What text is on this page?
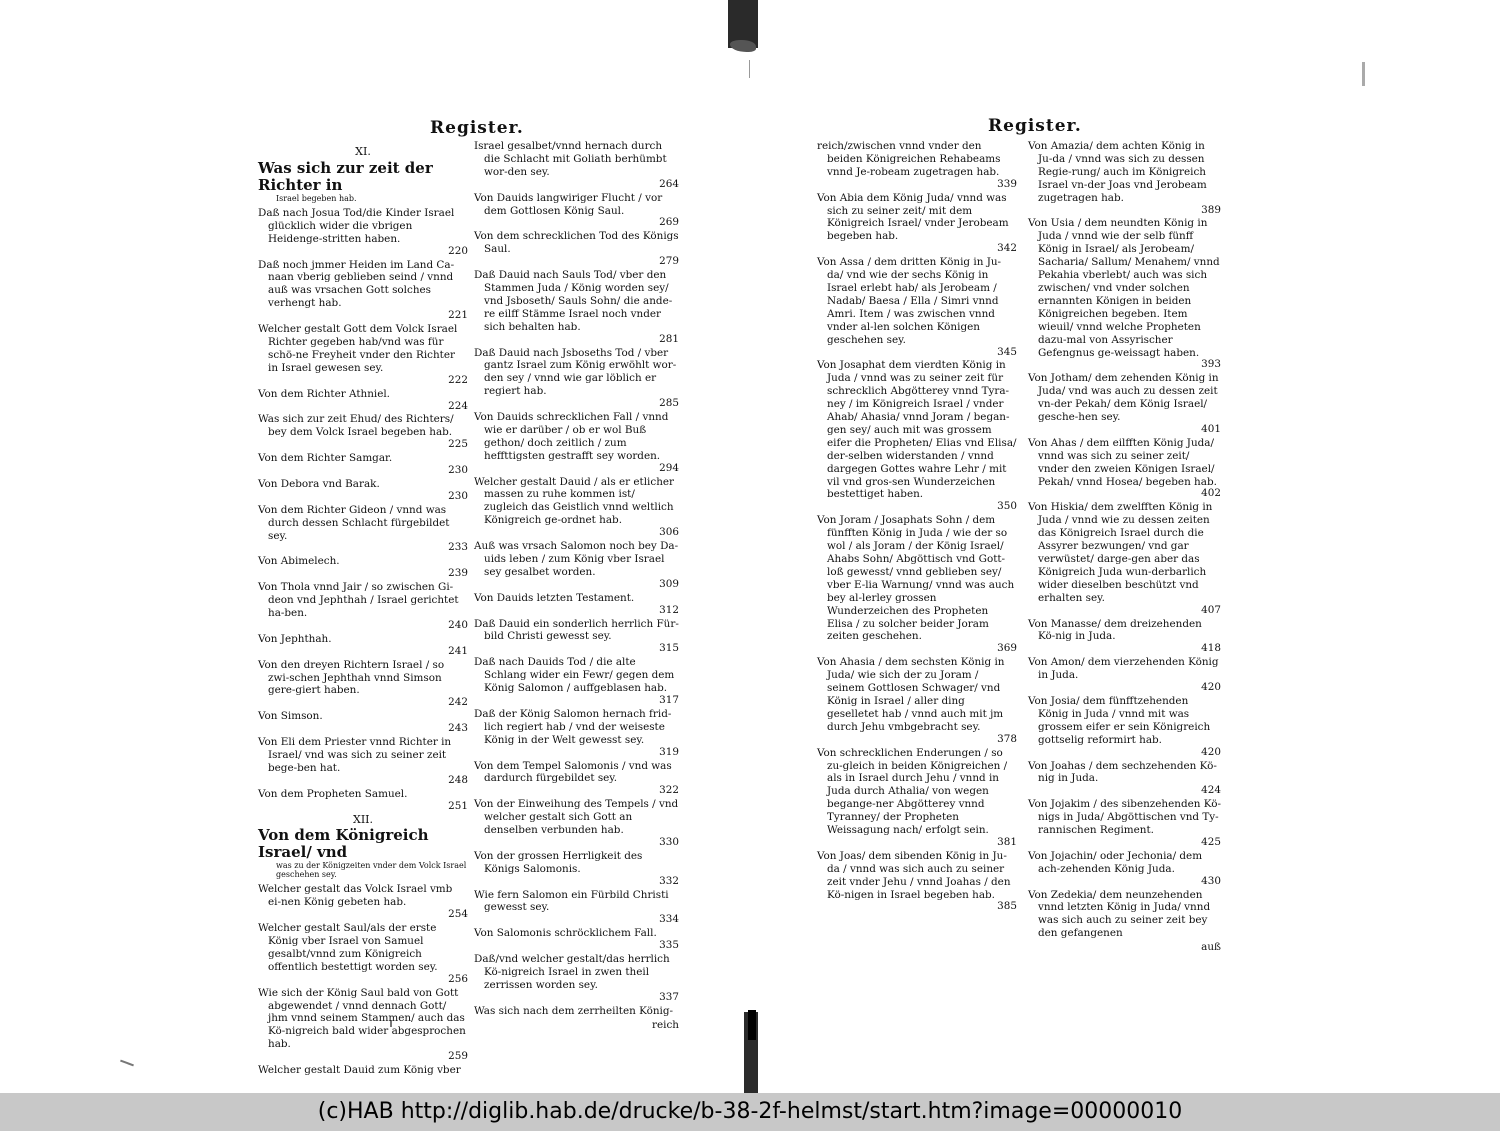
Register.
XI.
Was sich zur zeit der Richter in
Israel begeben hab.
Daß nach Josua Tod/die Kinder Israel glücklich wider die vbrigen Heidenge-stritten haben.
220
Daß noch jmmer Heiden im Land Ca-naan vberig geblieben seind / vnnd auß was vrsachen Gott solches verhengt hab.
221
Welcher gestalt Gott dem Volck Israel Richter gegeben hab/vnd was für schö-ne Freyheit vnder den Richter in Israel gewesen sey.
222
Von dem Richter Athniel.
224
Was sich zur zeit Ehud/ des Richters/ bey dem Volck Israel begeben hab.
225
Von dem Richter Samgar.
230
Von Debora vnd Barak.
230
Von dem Richter Gideon / vnnd was durch dessen Schlacht fürgebildet sey.
233
Von Abimelech.
239
Von Thola vnnd Jair / so zwischen Gi-deon vnd Jephthah / Israel gerichtet ha-ben.
240
Von Jephthah.
241
Von den dreyen Richtern Israel / so zwi-schen Jephthah vnnd Simson gere-giert haben.
242
Von Simson.
243
Von Eli dem Priester vnnd Richter in Israel/ vnd was sich zu seiner zeit bege-ben hat.
248
Von dem Propheten Samuel.
251
XII.
Von dem Königreich Israel/ vnd
was zu der Königzeiten vnder dem Volck Israel geschehen sey.
Welcher gestalt das Volck Israel vmb ei-nen König gebeten hab.
254
Welcher gestalt Saul/als der erste König vber Israel von Samuel gesalbt/vnnd zum Königreich offentlich bestettigt worden sey.
256
Wie sich der König Saul bald von Gott abgewendet / vnnd dennach Gott/ jhm vnnd seinem Stammen/ auch das Kö-nigreich bald wider abgesprochen hab.
259
Welcher gestalt Dauid zum König vber
Israel gesalbet/vnnd hernach durch die Schlacht mit Goliath berhümbt wor-den sey.
264
Von Dauids langwiriger Flucht / vor dem Gottlosen König Saul.
269
Von dem schrecklichen Tod des Königs Saul.
279
Daß Dauid nach Sauls Tod/ vber den Stammen Juda / König worden sey/ vnd Jsboseth/ Sauls Sohn/ die ande-re eilff Stämme Israel noch vnder sich behalten hab.
281
Daß Dauid nach Jsboseths Tod / vber gantz Israel zum König erwöhlt wor-den sey / vnnd wie gar löblich er regiert hab.
285
Von Dauids schrecklichen Fall / vnnd wie er darüber / ob er wol Buß gethon/ doch zeitlich / zum heffttigsten gestrafft sey worden.
294
Welcher gestalt Dauid / als er etlicher massen zu ruhe kommen ist/ zugleich das Geistlich vnnd weltlich Königreich ge-ordnet hab.
306
Auß was vrsach Salomon noch bey Da-uids leben / zum König vber Israel sey gesalbet worden.
309
Von Dauids letzten Testament.
312
Daß Dauid ein sonderlich herrlich Für-bild Christi gewesst sey.
315
Daß nach Dauids Tod / die alte Schlang wider ein Fewr/ gegen dem König Salomon / auffgeblasen hab.
317
Daß der König Salomon hernach frid-lich regiert hab / vnd der weiseste König in der Welt gewesst sey.
319
Von dem Tempel Salomonis / vnd was dardurch fürgebildet sey.
322
Von der Einweihung des Tempels / vnd welcher gestalt sich Gott an denselben verbunden hab.
330
Von der grossen Herrligkeit des Königs Salomonis.
332
Wie fern Salomon ein Fürbild Christi gewesst sey.
334
Von Salomonis schröcklichem Fall.
335
Daß/vnd welcher gestalt/das herrlich Kö-nigreich Israel in zwen theil zerrissen worden sey.
337
Was sich nach dem zerrheilten König-
reich
Register.
reich/zwischen vnnd vnder den beiden Königreichen Rehabeams vnnd Je-robeam zugetragen hab.
339
Von Abia dem König Juda/ vnnd was sich zu seiner zeit/ mit dem Königreich Israel/ vnder Jerobeam begeben hab.
342
Von Assa / dem dritten König in Ju-da/ vnd wie der sechs König in Israel erlebt hab/ als Jerobeam / Nadab/ Baesa / Ella / Simri vnnd Amri. Item / was zwischen vnnd vnder al-len solchen Königen geschehen sey.
345
Von Josaphat dem vierdten König in Juda / vnnd was zu seiner zeit für schrecklich Abgötterey vnnd Tyra-ney / im Königreich Israel / vnder Ahab/ Ahasia/ vnnd Joram / began-gen sey/ auch mit was grossem eifer die Propheten/ Elias vnd Elisa/ der-selben widerstanden / vnnd dargegen Gottes wahre Lehr / mit vil vnd gros-sen Wunderzeichen bestettiget haben.
350
Von Joram / Josaphats Sohn / dem fünfften König in Juda / wie der so wol / als Joram / der König Israel/ Ahabs Sohn/ Abgöttisch vnd Gott-loß gewesst/ vnnd geblieben sey/ vber E-lia Warnung/ vnnd was auch bey al-lerley grossen Wunderzeichen des Propheten Elisa / zu solcher beider Joram zeiten geschehen.
369
Von Ahasia / dem sechsten König in Juda/ wie sich der zu Joram / seinem Gottlosen Schwager/ vnd König in Israel / aller ding geselletet hab / vnnd auch mit jm durch Jehu vmbgebracht sey.
378
Von schrecklichen Enderungen / so zu-gleich in beiden Königreichen / als in Israel durch Jehu / vnnd in Juda durch Athalia/ von wegen begange-ner Abgötterey vnnd Tyranney/ der Propheten Weissagung nach/ erfolgt sein.
381
Von Joas/ dem sibenden König in Ju-da / vnnd was sich auch zu seiner zeit vnder Jehu / vnnd Joahas / den Kö-nigen in Israel begeben hab.
385
Von Amazia/ dem achten König in Ju-da / vnnd was sich zu dessen Regie-rung/ auch im Königreich Israel vn-der Joas vnd Jerobeam zugetragen hab.
389
Von Usia / dem neundten König in Juda / vnnd wie der selb fünff König in Israel/ als Jerobeam/ Sacharia/ Sallum/ Menahem/ vnnd Pekahia vberlebt/ auch was sich zwischen/ vnd vnder solchen ernannten Königen in beiden Königreichen begeben. Item wieuil/ vnnd welche Propheten dazu-mal von Assyrischer Gefengnus ge-weissagt haben.
393
Von Jotham/ dem zehenden König in Juda/ vnd was auch zu dessen zeit vn-der Pekah/ dem König Israel/ gesche-hen sey.
401
Von Ahas / dem eilfften König Juda/ vnnd was sich zu seiner zeit/ vnder den zweien Königen Israel/ Pekah/ vnnd Hosea/ begeben hab.
402
Von Hiskia/ dem zwelfften König in Juda / vnnd wie zu dessen zeiten das Königreich Israel durch die Assyrer bezwungen/ vnd gar verwüstet/ darge-gen aber das Königreich Juda wun-derbarlich wider dieselben beschützt vnd erhalten sey.
407
Von Manasse/ dem dreizehenden Kö-nig in Juda.
418
Von Amon/ dem vierzehenden König in Juda.
420
Von Josia/ dem fünfftzehenden König in Juda / vnnd mit was grossem eifer er sein Königreich gottselig reformirt hab.
420
Von Joahas / dem sechzehenden Kö-nig in Juda.
424
Von Jojakim / des sibenzehenden Kö-nigs in Juda/ Abgöttischen vnd Ty-rannischen Regiment.
425
Von Jojachin/ oder Jechonia/ dem ach-zehenden König Juda.
430
Von Zedekia/ dem neunzehenden vnnd letzten König in Juda/ vnnd was sich auch zu seiner zeit bey den gefangenen
auß
(c)HAB http://diglib.hab.de/drucke/b-38-2f-helmst/start.htm?image=00000010
